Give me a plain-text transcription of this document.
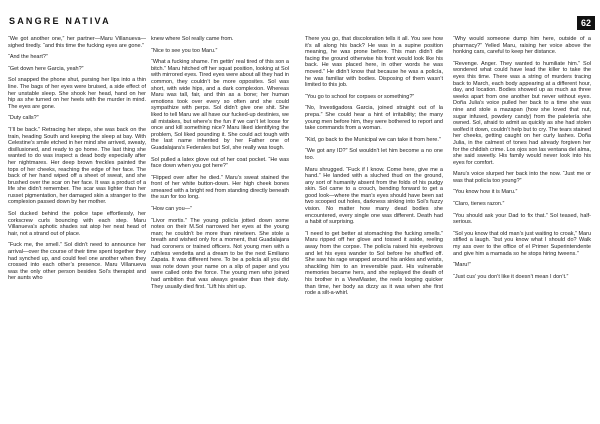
SANGRE NATIVA	62

“We got another one,” her partner—Maru Villanueva—sighed tiredly. “and this time the fucking eyes are gone.”

“And the heart?”

“Get down here Garcia, yeah?”

Sol snapped the phone shut, pursing her lips into a thin line. The bags of her eyes were bruised, a side effect of her unstable sleep. She shook her head, hand on her hip as she turned on her heels with the murder in mind. The eyes are gone.

“Duty calls?”

“I’ll be back.” Retracing her steps, she was back on the train, heading South and keeping the sleep at bay. With Celestine’s smile etched in her mind she arrived, sweaty, disillusioned, and ready to go home. The last thing she wanted to do was inspect a dead body especially after her nightmares. Her deep brown freckles painted the tops of her cheeks, reaching the edge of her face. The back of her hand wiped off a sheet of sweat, and she brushed over the scar on her face. It was a product of a life she didn’t remember. The scar was lighter than her russet pigmentation, her damaged skin a stranger to the complexion passed down by her mother.

Sol ducked behind the police tape effortlessly, her corkscrew curls bouncing with each step. Maru Villanueva’s aphotic shades sat atop her neat head of hair, not a strand out of place.

“Fuck me, the smell.” Sol didn’t need to announce her arrival—over the course of their time spent together they had synched up, and could feel one another when they crossed into each other’s presence. Maru Villanueva was the only other person besides Sol’s therapist and her aunts who

knew where Sol really came from.

“Nice to see you too Maru.”

“What a fucking shame. I’m gettin’ real tired of this son a bitch.” Maru hitched off her squat position, looking at Sol with mirrored eyes. Tired eyes were about all they had in common, they couldn’t be more opposites. Sol was short, with wide hips, and a dark complexion. Whereas Maru was tall, fair, and thin as a bone; her human emotions took over every so often and she could sympathize with perps. Sol didn’t give one shit. She liked to tell Maru we all have our fucked-up destinies, we all mistakes, but where’s the fun if we can’t let loose for once and kill something nice? Maru liked identifying the problem, Sol liked pounding it. She could act tough with the last name inherited by her Father one of Guadalajara’s Federales but Sol, she really was tough.

Sol pulled a latex glove out of her coat pocket. “He was face down when you got here?”

“Flipped over after he died.” Maru’s sweat stained the front of her white button-down. Her high cheek bones smeared with a bright red from standing directly beneath the sun for too long.

“How can you—”

“Livor mortis.” The young policía jotted down some notes on their M.Sol narrowed her eyes at the young man; he couldn’t be more than nineteen. She stole a breath and wished only for a moment, that Guadalajara had coroners or trained officers. Not young men with a ruthless vendetta and a dream to be the next Emiliano Zapata. It was different here. To be a policía all you did was note down your name on a slip of paper and you were called onto the force. The young men who joined had ambition that was always greater than their duty. They usually died first. “Lift his shirt up.

There you go, that discoloration tells it all. You see how it’s all along his back? He was in a supine position meaning, he was prone before. This man didn’t die facing the ground otherwise his front would look like his back. He was placed here, in other words he was moved.” He didn’t know that because he was a policía, he was familiar with bodies. Disposing of them wasn’t limited to this job.

“You go to school for corpses or something?”

“No, Investigadora Garcia, joined straight out of la prepa.” She could hear a hint of irritability; the many young men before him, they were bothered to report and take commands from a woman.

“Kid, go back to the Municipal we can take it from here.”

“We got any ID?” Sol wouldn’t let him become a no one too.

Maru shrugged. “Fuck if I know. Come here, give me a hand.” He landed with a sluched thud on the ground, any sort of humanity absent from the folds of his pudgy skin. Sol came to a crouch, bending forward to get a good look—where the man’s eyes should have been sat two scooped out holes, darkness sinking into Sol’s fuzzy vision. No matter how many dead bodies she encountered, every single one was different. Death had a habit of surprising.

“I need to get better at stomaching the fucking smells.” Maru ripped off her glove and tossed it aside, reeling away from the corpse. The policía raised his eyebrows and let his eyes wander to Sol before he shuffled off. She saw his rage wrapped around his ankles and wrists, shackling him to an irreversible past. His vulnerable memories became hers, and she replayed the death of his brother in a ViewMaster, the reels looping quicker than time, her body as dizzy as it was when she first rode a silt-a-whirl.

“Why would someone dump him here, outside of a pharmacy?” Yelled Maru, raising her voice above the honking cars, careful to keep her distance.

“Revenge. Anger. They wanted to humiliate him.” Sol wondered what could have lead the killer to take the eyes this time. There was a string of murders tracing back to March, each body appearing at a different hour, day, and location. Bodies showed up as much as three weeks apart from one another but never without eyes. Doña Julia’s voice pulled her back to a time she was nine and stole a mazapan (how she loved that nut, sugar infused, powdery candy) from the paletería she owned. Sol, afraid to admit as quickly as she had stolen wolfed it down, couldn’t help but to cry. The tears stained her cheeks, getting caught on her curly lashes. Doña Julia, in the calmest of tones had already forgiven her for the childish crime. Los ojos son las ventana del alma, she said sweetly. His family would never look into his eyes for comfort.

Maru’s voice slurped her back into the now. “Just me or was that policía too young?”

“You know how it is Maru.”

“Claro, tienes razon.”

“You should ask your Dad to fix that.” Sol teased, half-serious.

“Sol you know that old man’s just waiting to croak,” Maru stifled a laugh. “but you know what I should do? Walk my ass over to the office of el Primer Superintendente and give him a mamada so he stops hiring tweens.”

“Maru!”

“Just cus’ you don’t like it doesn’t mean I don’t.”
